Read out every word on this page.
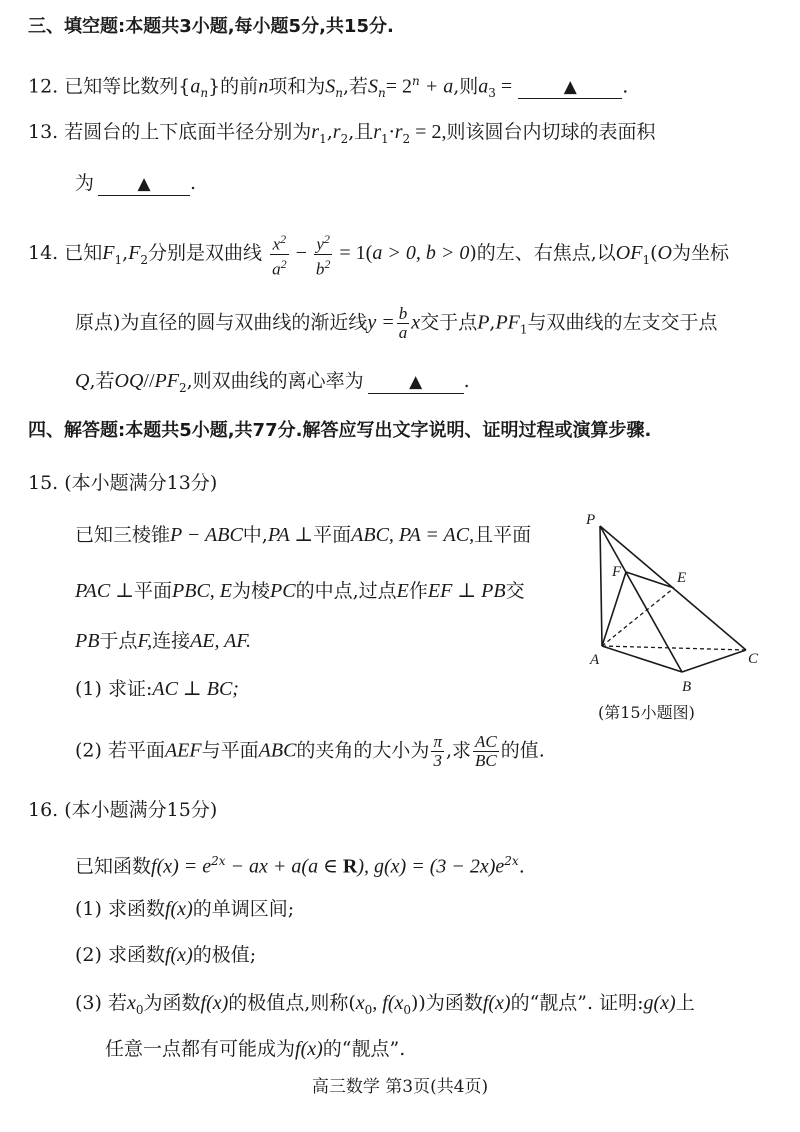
三、填空题:本题共3小题,每小题5分,共15分.
12. 已知等比数列$\{a_n\}$的前n项和为$S_n$,若$S_n= 2^n + a$,则$a_3$ =	▲ .
13. 若圆台的上下底面半径分别为$r_1,r_2$,且$r_1\cdot r_2 = 2$,则该圆台内切球的表面积
为	▲ .
14. 已知$F_1,F_2$分别是双曲线 $\frac{x^2}{a^2} - \frac{y^2}{b^2} = 1(a > 0$, b > 0)的左、右焦点,以$OF_1(O$为坐标
原点)为直径的圆与双曲线的渐近线$y = \frac{b}{a}$ x交于点$P,PF_1$与双曲线的左支交于点
Q,若$OQ//PF_2$,则双曲线的离心率为	▲ .
四、解答题:本题共5小题,共77分.解答应写出文字说明、证明过程或演算步骤.
15. (本小题满分13分)
已知三棱锥P − ABC中,PA ⊥平面ABC, PA = AC,且平面
PAC ⊥平面PBC, E为棱PC的中点,过点E作EF ⊥ PB交
PB于点F,连接AE, AF.
(1) 求证:AC ⊥ BC;
(2) 若平面AEF与平面ABC的夹角的大小为 $\frac{\pi}{3}$ ,求 $\frac{AC}{BC}$ 的值.
P
F	E
A	C
B
(第15小题图)
16. (本小题满分15分)
已知函数$f(x) = e^{2x}$ − ax + a(a ∈ R), $g(x) = (3 - 2x)e^{2x}$.
(1) 求函数f(x)的单调区间;
(2) 求函数f(x)的极值;
(3) 若$x_0$为函数f(x)的极值点,则称($x_0$, $f(x_0)$)为函数f(x)的“靓点”. 证明:g(x)上
任意一点都有可能成为f(x)的“靓点”.
高三数学 第3页(共4页)
